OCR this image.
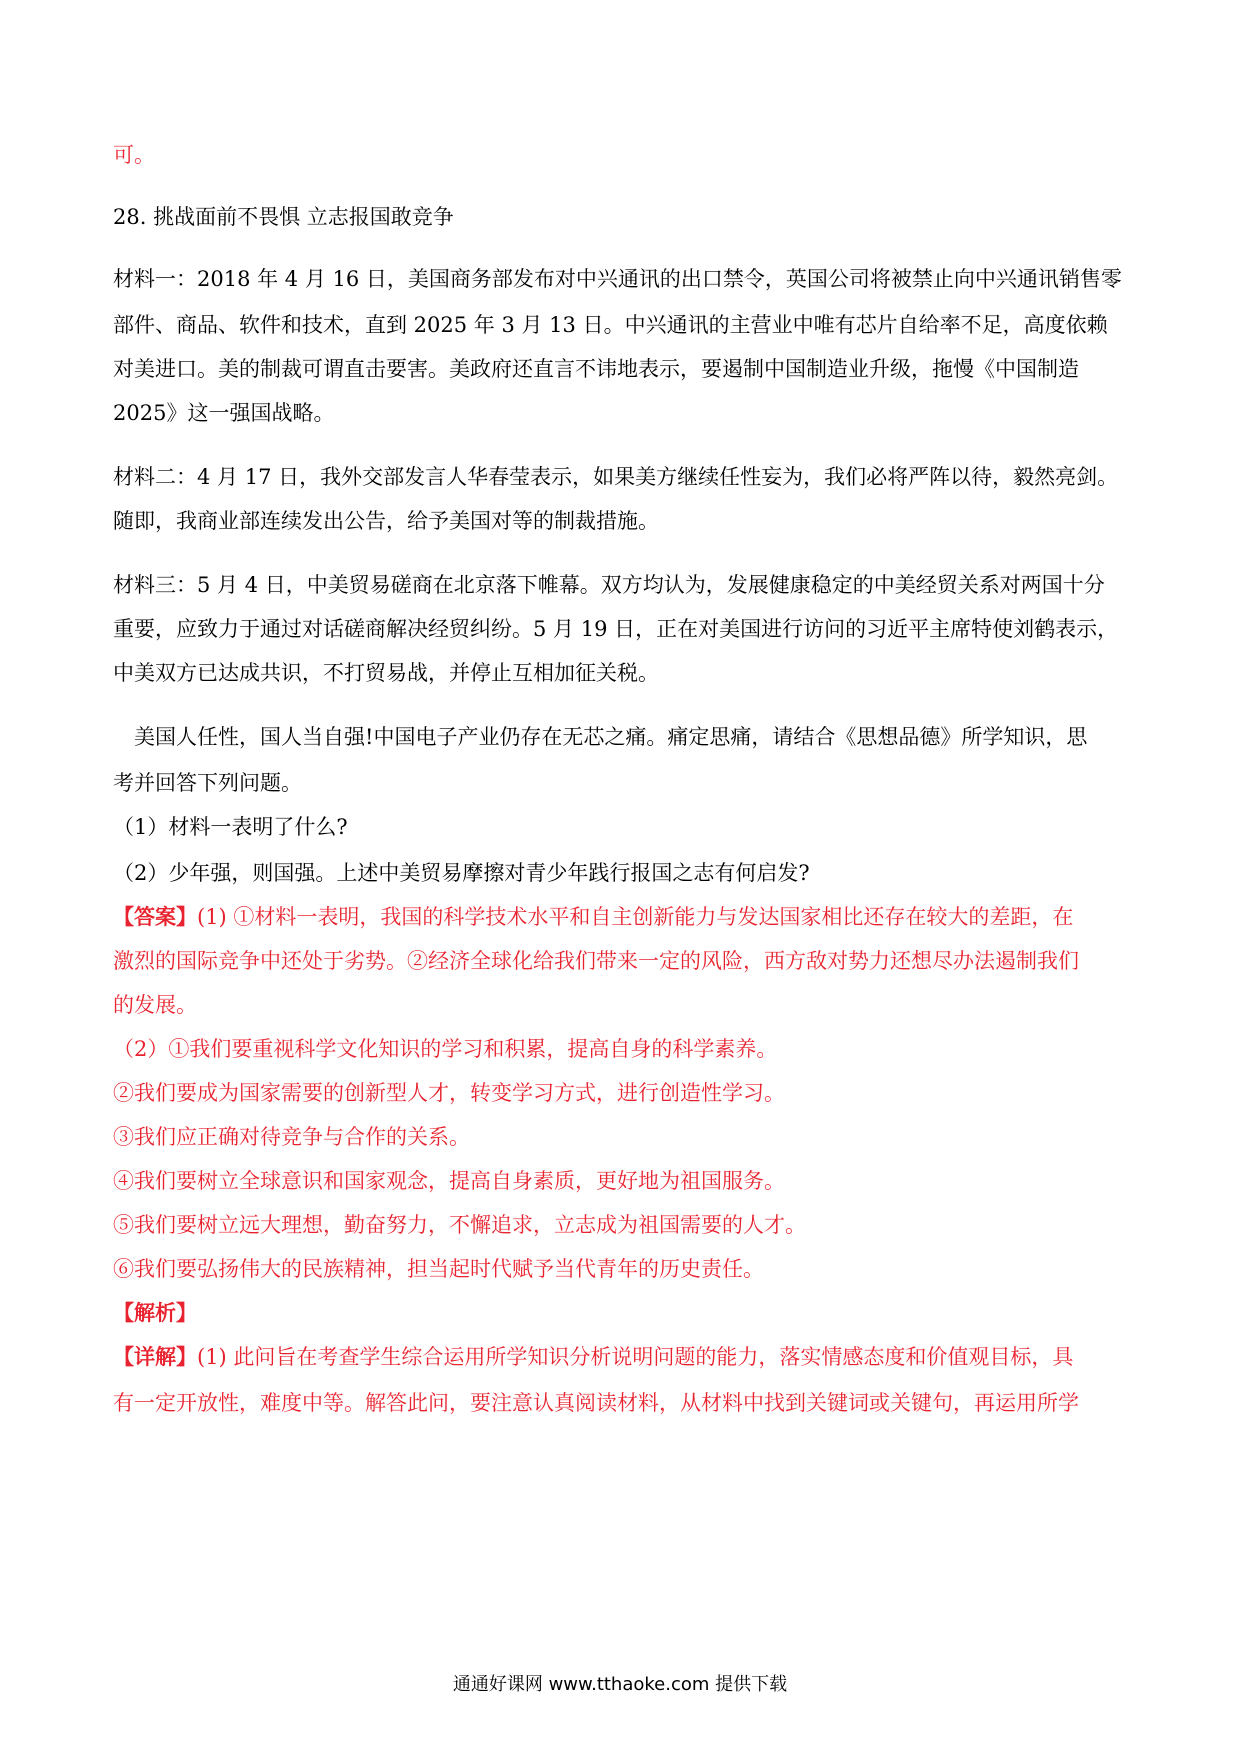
可。
28. 挑战面前不畏惧 立志报国敢竞争
材料一：2018 年 4 月 16 日，美国商务部发布对中兴通讯的出口禁令，英国公司将被禁止向中兴通讯销售零
部件、商品、软件和技术，直到 2025 年 3 月 13 日。中兴通讯的主营业中唯有芯片自给率不足，高度依赖
对美进口。美的制裁可谓直击要害。美政府还直言不讳地表示，要遏制中国制造业升级，拖慢《中国制造
2025》这一强国战略。
材料二：4 月 17 日，我外交部发言人华春莹表示，如果美方继续任性妄为，我们必将严阵以待，毅然亮剑。
随即，我商业部连续发出公告，给予美国对等的制裁措施。
材料三：5 月 4 日，中美贸易磋商在北京落下帷幕。双方均认为，发展健康稳定的中美经贸关系对两国十分
重要，应致力于通过对话磋商解决经贸纠纷。5 月 19 日，正在对美国进行访问的习近平主席特使刘鹤表示，
中美双方已达成共识，不打贸易战，并停止互相加征关税。
美国人任性，国人当自强!中国电子产业仍存在无芯之痛。痛定思痛，请结合《思想品德》所学知识，思
考并回答下列问题。
（1）材料一表明了什么?
（2）少年强，则国强。上述中美贸易摩擦对青少年践行报国之志有何启发?
【答案】(1) ①材料一表明，我国的科学技术水平和自主创新能力与发达国家相比还存在较大的差距，在
激烈的国际竞争中还处于劣势。②经济全球化给我们带来一定的风险，西方敌对势力还想尽办法遏制我们
的发展。
（2）①我们要重视科学文化知识的学习和积累，提高自身的科学素养。
②我们要成为国家需要的创新型人才，转变学习方式，进行创造性学习。
③我们应正确对待竞争与合作的关系。
④我们要树立全球意识和国家观念，提高自身素质，更好地为祖国服务。
⑤我们要树立远大理想，勤奋努力，不懈追求，立志成为祖国需要的人才。
⑥我们要弘扬伟大的民族精神，担当起时代赋予当代青年的历史责任。
【解析】
【详解】(1) 此问旨在考查学生综合运用所学知识分析说明问题的能力，落实情感态度和价值观目标，具
有一定开放性，难度中等。解答此问，要注意认真阅读材料，从材料中找到关键词或关键句，再运用所学
通通好课网 www.tthaoke.com 提供下载
